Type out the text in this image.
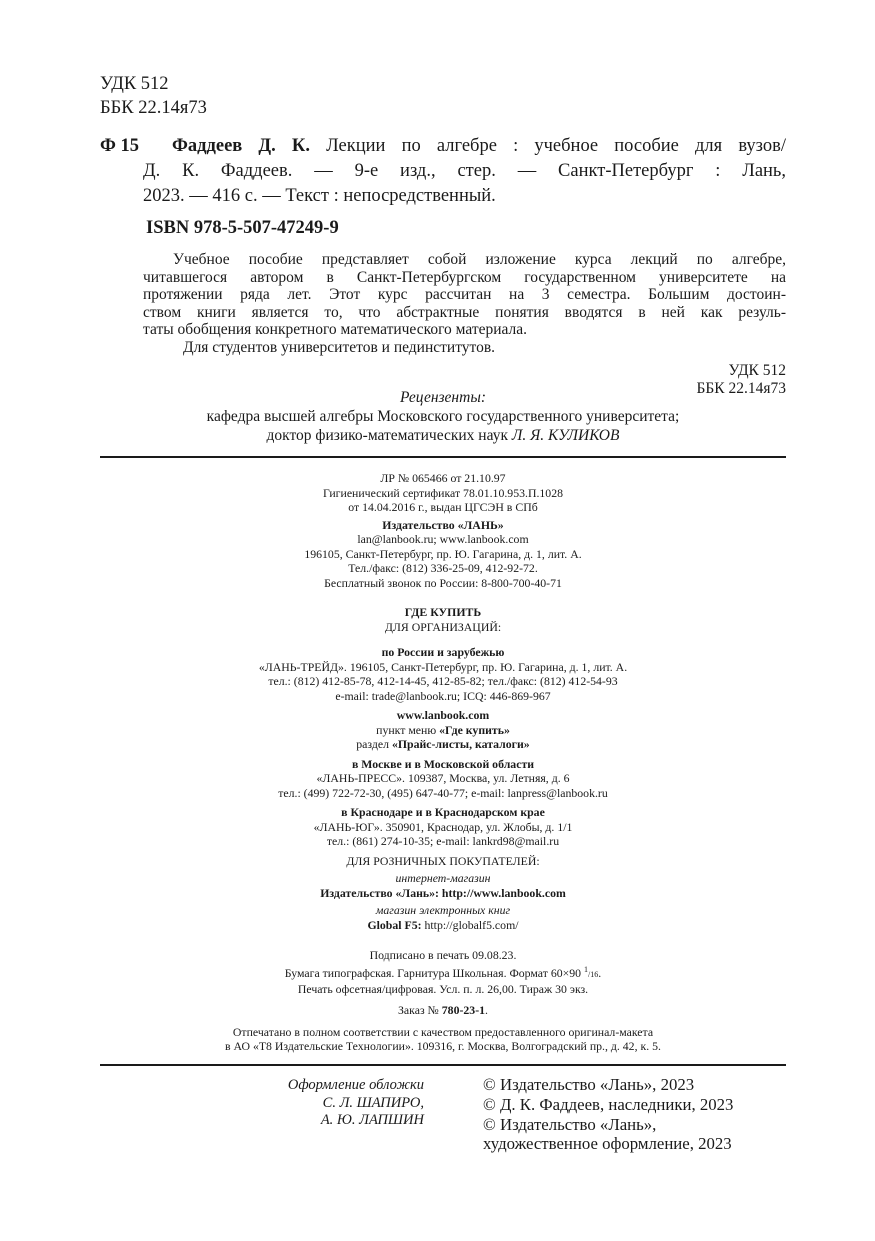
УДК 512
ББК 22.14я73
Ф 15 Фаддеев Д. К. Лекции по алгебре : учебное пособие для вузов/
Д. К. Фаддеев. — 9-е изд., стер. — Санкт-Петербург : Лань,
2023. — 416 с. — Текст : непосредственный.
ISBN 978-5-507-47249-9
Учебное пособие представляет собой изложение курса лекций по алгебре,
читавшегося автором в Санкт-Петербургском государственном университете на
протяжении ряда лет. Этот курс рассчитан на 3 семестра. Большим достоин-
ством книги является то, что абстрактные понятия вводятся в ней как резуль-
таты обобщения конкретного математического материала.
Для студентов университетов и пединститутов.
УДК 512
ББК 22.14я73
Рецензенты:
кафедра высшей алгебры Московского государственного университета;
доктор физико-математических наук Л. Я. КУЛИКОВ
ЛР № 065466 от 21.10.97
Гигиенический сертификат 78.01.10.953.П.1028
от 14.04.2016 г., выдан ЦГСЭН в СПб
Издательство «ЛАНЬ»
lan@lanbook.ru; www.lanbook.com
196105, Санкт-Петербург, пр. Ю. Гагарина, д. 1, лит. А.
Тел./факс: (812) 336-25-09, 412-92-72.
Бесплатный звонок по России: 8-800-700-40-71
ГДЕ КУПИТЬ
ДЛЯ ОРГАНИЗАЦИЙ:
по России и зарубежью
«ЛАНЬ-ТРЕЙД». 196105, Санкт-Петербург, пр. Ю. Гагарина, д. 1, лит. А.
тел.: (812) 412-85-78, 412-14-45, 412-85-82; тел./факс: (812) 412-54-93
e-mail: trade@lanbook.ru; ICQ: 446-869-967
www.lanbook.com
пункт меню «Где купить»
раздел «Прайс-листы, каталоги»
в Москве и в Московской области
«ЛАНЬ-ПРЕСС». 109387, Москва, ул. Летняя, д. 6
тел.: (499) 722-72-30, (495) 647-40-77; e-mail: lanpress@lanbook.ru
в Краснодаре и в Краснодарском крае
«ЛАНЬ-ЮГ». 350901, Краснодар, ул. Жлобы, д. 1/1
тел.: (861) 274-10-35; e-mail: lankrd98@mail.ru
ДЛЯ РОЗНИЧНЫХ ПОКУПАТЕЛЕЙ:
интернет-магазин
Издательство «Лань»: http://www.lanbook.com
магазин электронных книг
Global F5: http://globalf5.com/
Подписано в печать 09.08.23.
Бумага типографская. Гарнитура Школьная. Формат 60×90 $^1$/16.
Печать офсетная/цифровая. Усл. п. л. 26,00. Тираж 30 экз.
Заказ № 780-23-1.
Отпечатано в полном соответствии с качеством предоставленного оригинал-макета
в АО «Т8 Издательские Технологии». 109316, г. Москва, Волгоградский пр., д. 42, к. 5.
Оформление обложки
С. Л. ШАПИРО,
А. Ю. ЛАПШИН
© Издательство «Лань», 2023
© Д. К. Фаддеев, наследники, 2023
© Издательство «Лань»,
художественное оформление, 2023
